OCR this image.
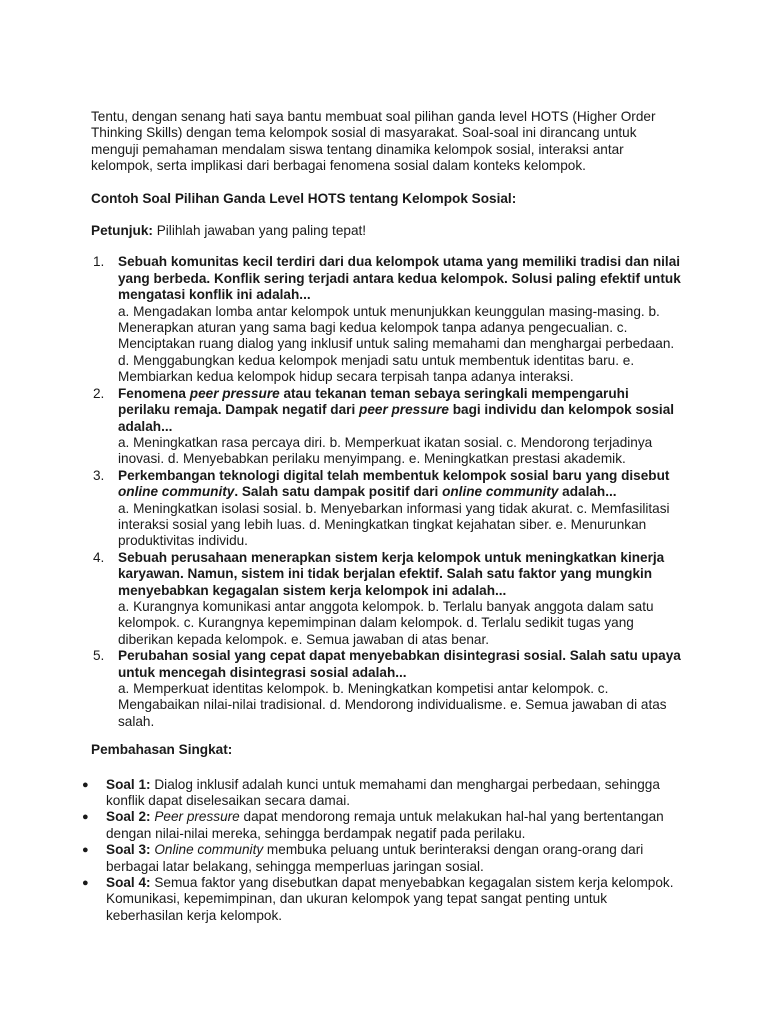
Tentu, dengan senang hati saya bantu membuat soal pilihan ganda level HOTS (Higher Order Thinking Skills) dengan tema kelompok sosial di masyarakat. Soal-soal ini dirancang untuk menguji pemahaman mendalam siswa tentang dinamika kelompok sosial, interaksi antar kelompok, serta implikasi dari berbagai fenomena sosial dalam konteks kelompok.

Contoh Soal Pilihan Ganda Level HOTS tentang Kelompok Sosial:

Petunjuk: Pilihlah jawaban yang paling tepat!

1. Sebuah komunitas kecil terdiri dari dua kelompok utama yang memiliki tradisi dan nilai yang berbeda. Konflik sering terjadi antara kedua kelompok. Solusi paling efektif untuk mengatasi konflik ini adalah...
a. Mengadakan lomba antar kelompok untuk menunjukkan keunggulan masing-masing. b. Menerapkan aturan yang sama bagi kedua kelompok tanpa adanya pengecualian. c. Menciptakan ruang dialog yang inklusif untuk saling memahami dan menghargai perbedaan. d. Menggabungkan kedua kelompok menjadi satu untuk membentuk identitas baru. e. Membiarkan kedua kelompok hidup secara terpisah tanpa adanya interaksi.
2. Fenomena peer pressure atau tekanan teman sebaya seringkali mempengaruhi perilaku remaja. Dampak negatif dari peer pressure bagi individu dan kelompok sosial adalah...
a. Meningkatkan rasa percaya diri. b. Memperkuat ikatan sosial. c. Mendorong terjadinya inovasi. d. Menyebabkan perilaku menyimpang. e. Meningkatkan prestasi akademik.
3. Perkembangan teknologi digital telah membentuk kelompok sosial baru yang disebut online community. Salah satu dampak positif dari online community adalah...
a. Meningkatkan isolasi sosial. b. Menyebarkan informasi yang tidak akurat. c. Memfasilitasi interaksi sosial yang lebih luas. d. Meningkatkan tingkat kejahatan siber. e. Menurunkan produktivitas individu.
4. Sebuah perusahaan menerapkan sistem kerja kelompok untuk meningkatkan kinerja karyawan. Namun, sistem ini tidak berjalan efektif. Salah satu faktor yang mungkin menyebabkan kegagalan sistem kerja kelompok ini adalah...
a. Kurangnya komunikasi antar anggota kelompok. b. Terlalu banyak anggota dalam satu kelompok. c. Kurangnya kepemimpinan dalam kelompok. d. Terlalu sedikit tugas yang diberikan kepada kelompok. e. Semua jawaban di atas benar.
5. Perubahan sosial yang cepat dapat menyebabkan disintegrasi sosial. Salah satu upaya untuk mencegah disintegrasi sosial adalah...
a. Memperkuat identitas kelompok. b. Meningkatkan kompetisi antar kelompok. c. Mengabaikan nilai-nilai tradisional. d. Mendorong individualisme. e. Semua jawaban di atas salah.

Pembahasan Singkat:

● Soal 1: Dialog inklusif adalah kunci untuk memahami dan menghargai perbedaan, sehingga konflik dapat diselesaikan secara damai.
● Soal 2: Peer pressure dapat mendorong remaja untuk melakukan hal-hal yang bertentangan dengan nilai-nilai mereka, sehingga berdampak negatif pada perilaku.
● Soal 3: Online community membuka peluang untuk berinteraksi dengan orang-orang dari berbagai latar belakang, sehingga memperluas jaringan sosial.
● Soal 4: Semua faktor yang disebutkan dapat menyebabkan kegagalan sistem kerja kelompok. Komunikasi, kepemimpinan, dan ukuran kelompok yang tepat sangat penting untuk keberhasilan kerja kelompok.
